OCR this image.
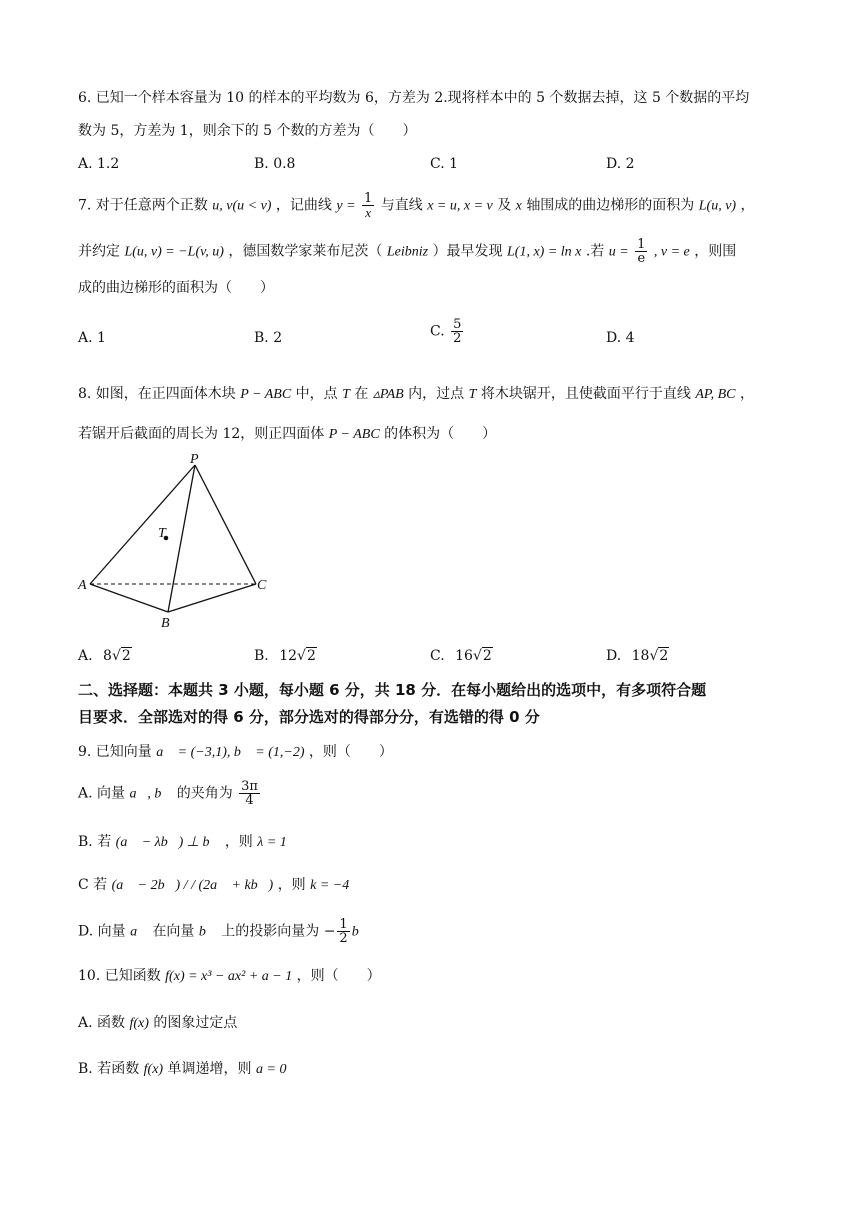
6. 已知一个样本容量为 10 的样本的平均数为 6，方差为 2.现将样本中的 5 个数据去掉，这 5 个数据的平均
数为 5，方差为 1，则余下的 5 个数的方差为（　　）
A. 1.2	B. 0.8	C. 1	D. 2
7. 对于任意两个正数 u, v(u < v) ，记曲线 $y = \frac{1}{x}$ 与直线 x = u, x = v 及 x 轴围成的曲边梯形的面积为 L(u, v) ，
并约定 L(u, v) = −L(v, u) ，德国数学家莱布尼茨（ Leibniz ）最早发现 L(1, x) = ln x .若 $u = \frac{1}{e}$ , v = e ，则围
成的曲边梯形的面积为（　　）
A. 1	B. 2	C. $\frac{5}{2}$	D. 4
8. 如图，在正四面体木块 P − ABC 中，点 T 在 ▵PAB 内，过点 T 将木块锯开，且使截面平行于直线 AP, BC ，
若锯开后截面的周长为 12，则正四面体 P − ABC 的体积为（　　）
P
A
B
C
T
A. 8√2	B. 12√2	C. 16√2	D. 18√2
二、选择题：本题共 3 小题，每小题 6 分，共 18 分．在每小题给出的选项中，有多项符合题
目要求．全部选对的得 6 分，部分选对的得部分分，有选错的得 0 分
9. 已知向量 a⃗ = (−3,1), b⃗ = (1,−2) ，则（　　）
A. 向量 a⃗, b⃗ 的夹角为 $\frac{3\pi}{4}$
B. 若 (a⃗ − λb⃗) ⊥ b⃗ ，则 λ = 1
C 若 (a⃗ − 2b⃗) / / (2a⃗ + kb⃗) ，则 k = −4
D. 向量 a⃗ 在向量 b⃗ 上的投影向量为 − $\frac{1}{2}$ b⃗
10. 已知函数 f(x) = x³ − ax² + a − 1 ，则（　　）
A. 函数 f(x) 的图象过定点
B. 若函数 f(x) 单调递增，则 a = 0
